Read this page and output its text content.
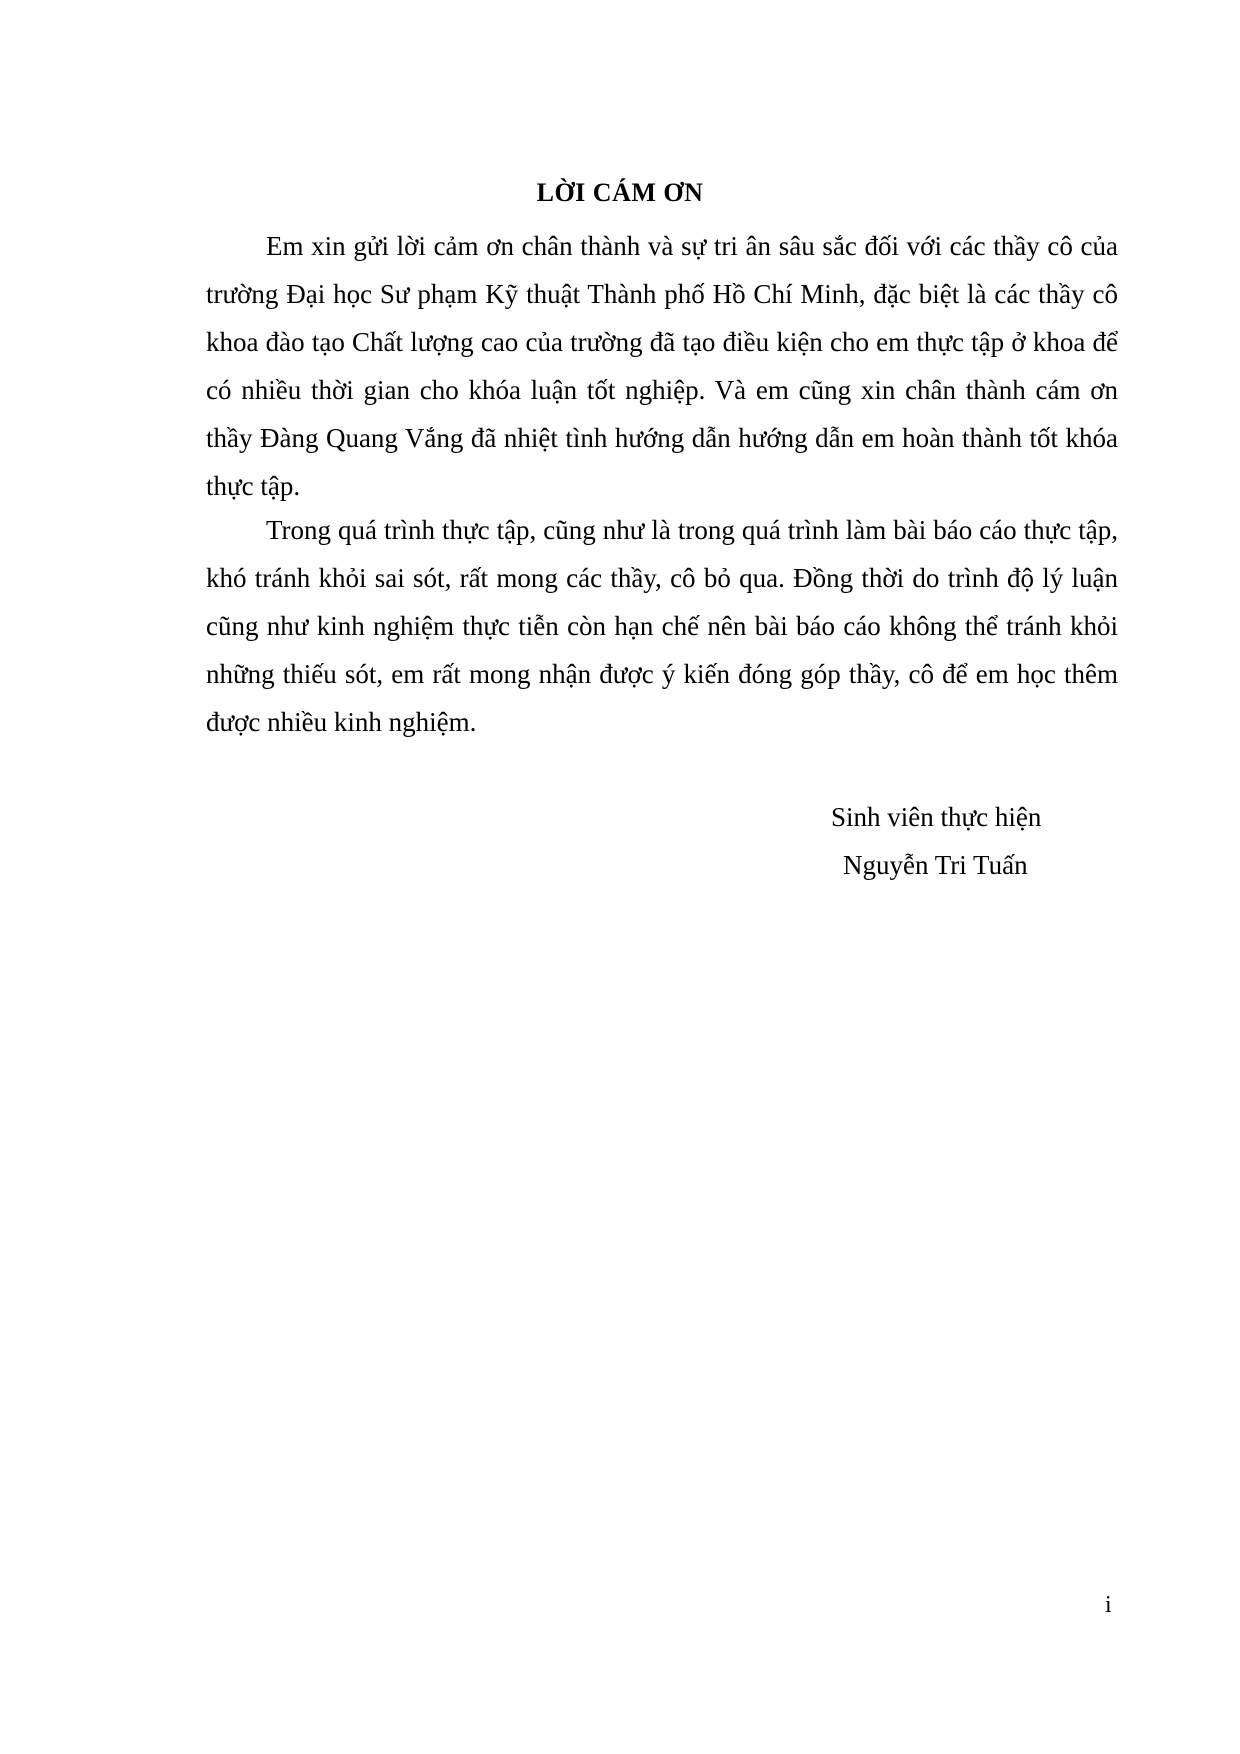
LỜI CÁM ƠN

Em xin gửi lời cảm ơn chân thành và sự tri ân sâu sắc đối với các thầy cô của trường Đại học Sư phạm Kỹ thuật Thành phố Hồ Chí Minh, đặc biệt là các thầy cô khoa đào tạo Chất lượng cao của trường đã tạo điều kiện cho em thực tập ở khoa để có nhiều thời gian cho khóa luận tốt nghiệp. Và em cũng xin chân thành cám ơn thầy Đàng Quang Vắng đã nhiệt tình hướng dẫn hướng dẫn em hoàn thành tốt khóa thực tập.

Trong quá trình thực tập, cũng như là trong quá trình làm bài báo cáo thực tập, khó tránh khỏi sai sót, rất mong các thầy, cô bỏ qua. Đồng thời do trình độ lý luận cũng như kinh nghiệm thực tiễn còn hạn chế nên bài báo cáo không thể tránh khỏi những thiếu sót, em rất mong nhận được ý kiến đóng góp thầy, cô để em học thêm được nhiều kinh nghiệm.

Sinh viên thực hiện
Nguyễn Tri Tuấn
i
